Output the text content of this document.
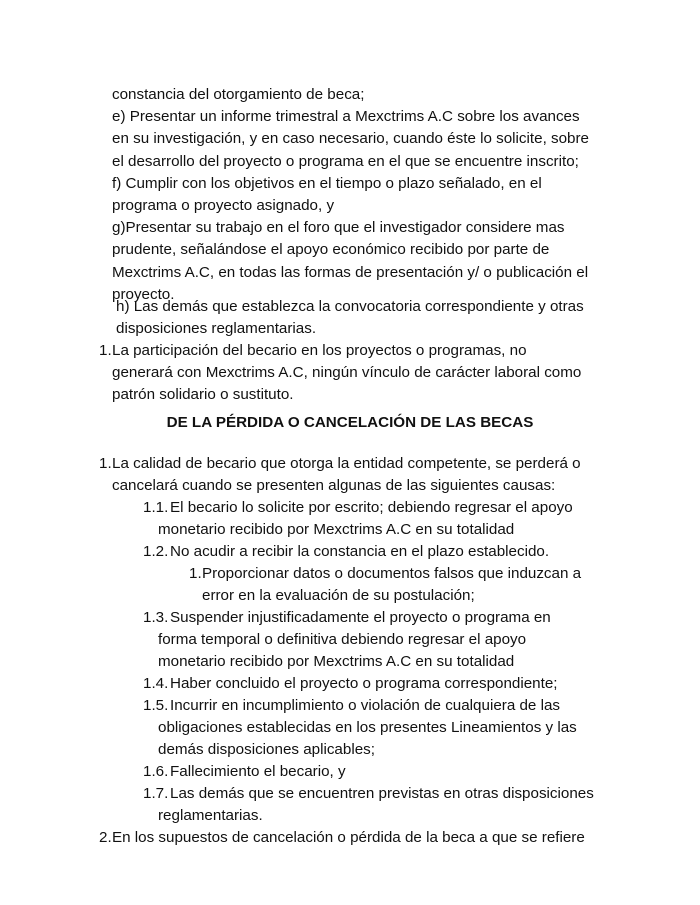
constancia del otorgamiento de beca;
e) Presentar un informe trimestral a Mexctrims A.C sobre los avances
en su investigación, y en caso necesario, cuando éste lo solicite, sobre
el desarrollo del proyecto o programa en el que se encuentre inscrito;
f) Cumplir con los objetivos en el tiempo o plazo señalado, en el
programa o proyecto asignado, y
g)Presentar su trabajo en el foro que el investigador considere mas
prudente, señalándose el apoyo económico recibido por parte de
Mexctrims A.C, en todas las formas de presentación y/ o publicación el
proyecto.
h) Las demás que establezca la convocatoria correspondiente y otras
disposiciones reglamentarias.
1. La participación del becario en los proyectos o programas, no
generará con Mexctrims A.C, ningún vínculo de carácter laboral como
patrón solidario o sustituto.
DE LA PÉRDIDA O CANCELACIÓN DE LAS BECAS
1. La calidad de becario que otorga la entidad competente, se perderá o
cancelará cuando se presenten algunas de las siguientes causas:
1.1. El becario lo solicite por escrito; debiendo regresar el apoyo
monetario recibido por Mexctrims A.C en su totalidad
1.2. No acudir a recibir la constancia en el plazo establecido.
1. Proporcionar datos o documentos falsos que induzcan a
error en la evaluación de su postulación;
1.3. Suspender injustificadamente el proyecto o programa en
forma temporal o definitiva debiendo regresar el apoyo
monetario recibido por Mexctrims A.C en su totalidad
1.4. Haber concluido el proyecto o programa correspondiente;
1.5. Incurrir en incumplimiento o violación de cualquiera de las
obligaciones establecidas en los presentes Lineamientos y las
demás disposiciones aplicables;
1.6. Fallecimiento el becario, y
1.7. Las demás que se encuentren previstas en otras disposiciones
reglamentarias.
2. En los supuestos de cancelación o pérdida de la beca a que se refiere
